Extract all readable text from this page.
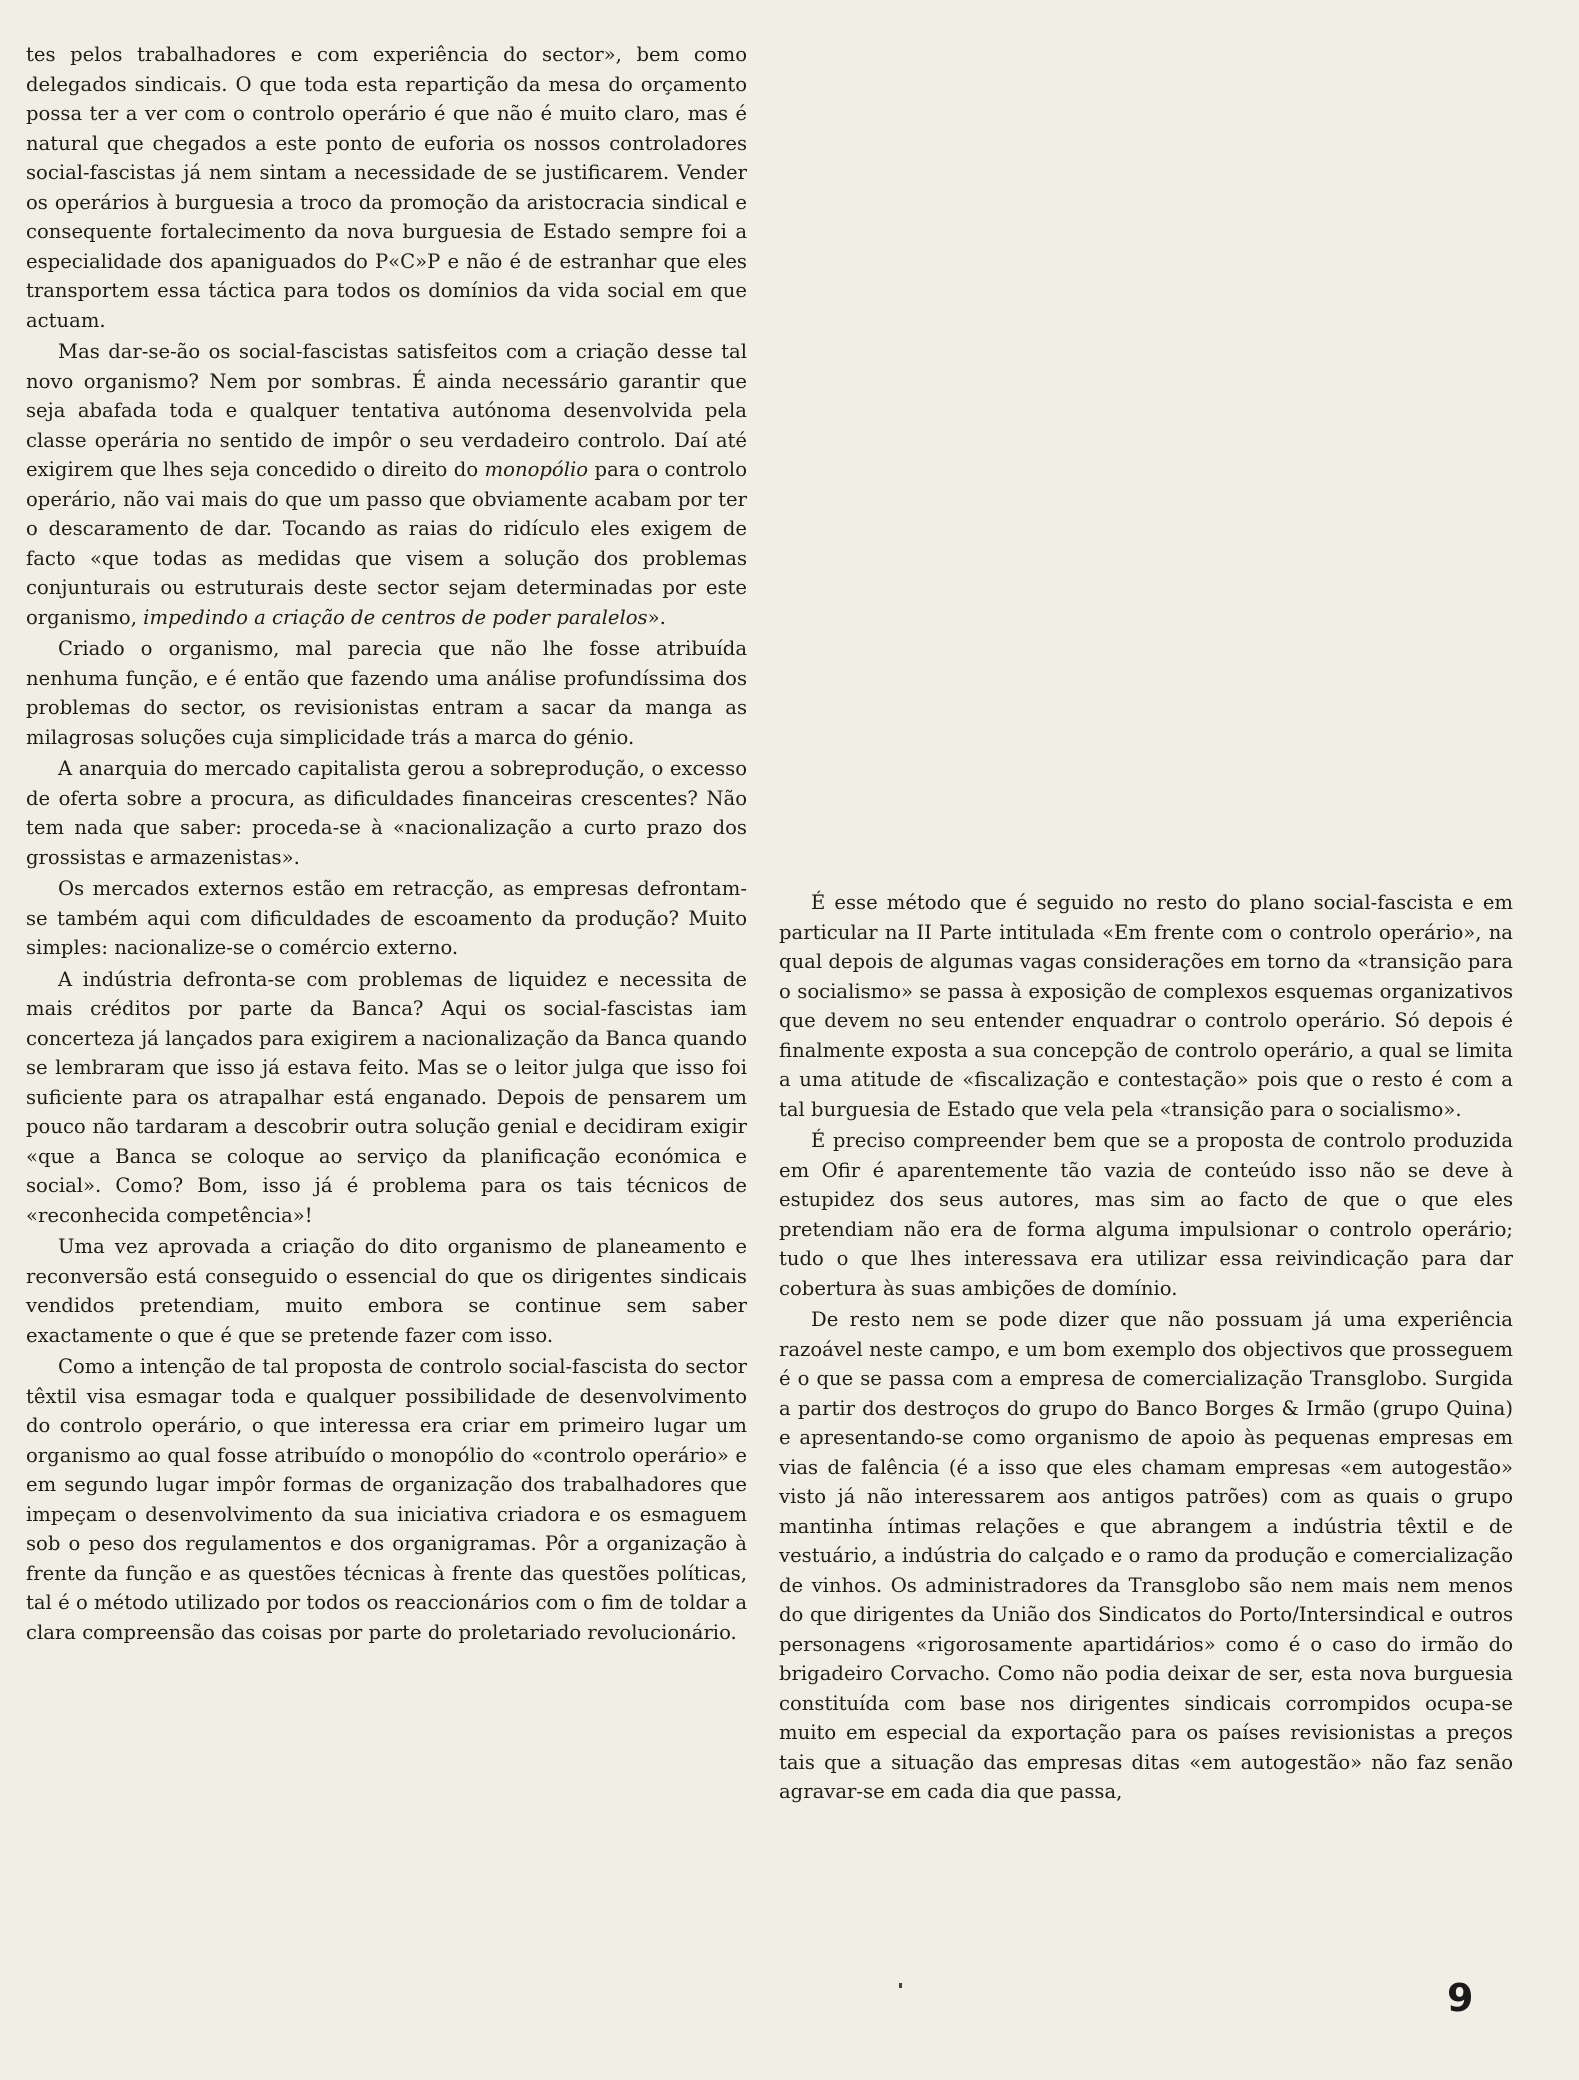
tes pelos trabalhadores e com experiência do sector», bem como delegados sindicais. O que toda esta repartição da mesa do orçamento possa ter a ver com o controlo operário é que não é muito claro, mas é natural que chegados a este ponto de euforia os nossos controladores social-fascistas já nem sintam a necessidade de se justificarem. Vender os operários à burguesia a troco da promoção da aristocracia sindical e consequente fortalecimento da nova burguesia de Estado sempre foi a especialidade dos apaniguados do P«C»P e não é de estranhar que eles transportem essa táctica para todos os domínios da vida social em que actuam.

Mas dar-se-ão os social-fascistas satisfeitos com a criação desse tal novo organismo? Nem por sombras. É ainda necessário garantir que seja abafada toda e qualquer tentativa autónoma desenvolvida pela classe operária no sentido de impôr o seu verdadeiro controlo. Daí até exigirem que lhes seja concedido o direito do monopólio para o controlo operário, não vai mais do que um passo que obviamente acabam por ter o descaramento de dar. Tocando as raias do ridículo eles exigem de facto «que todas as medidas que visem a solução dos problemas conjunturais ou estruturais deste sector sejam determinadas por este organismo, impedindo a criação de centros de poder paralelos».

Criado o organismo, mal parecia que não lhe fosse atribuída nenhuma função, e é então que fazendo uma análise profundíssima dos problemas do sector, os revisionistas entram a sacar da manga as milagrosas soluções cuja simplicidade trás a marca do génio.

A anarquia do mercado capitalista gerou a sobreprodução, o excesso de oferta sobre a procura, as dificuldades financeiras crescentes? Não tem nada que saber: proceda-se à «nacionalização a curto prazo dos grossistas e armazenistas».

Os mercados externos estão em retracção, as empresas defrontam-se também aqui com dificuldades de escoamento da produção? Muito simples: nacionalize-se o comércio externo.

A indústria defronta-se com problemas de liquidez e necessita de mais créditos por parte da Banca? Aqui os social-fascistas iam concerteza já lançados para exigirem a nacionalização da Banca quando se lembraram que isso já estava feito. Mas se o leitor julga que isso foi suficiente para os atrapalhar está enganado. Depois de pensarem um pouco não tardaram a descobrir outra solução genial e decidiram exigir «que a Banca se coloque ao serviço da planificação económica e social». Como? Bom, isso já é problema para os tais técnicos de «reconhecida competência»!

Uma vez aprovada a criação do dito organismo de planeamento e reconversão está conseguido o essencial do que os dirigentes sindicais vendidos pretendiam, muito embora se continue sem saber exactamente o que é que se pretende fazer com isso.

Como a intenção de tal proposta de controlo social-fascista do sector têxtil visa esmagar toda e qualquer possibilidade de desenvolvimento do controlo operário, o que interessa era criar em primeiro lugar um organismo ao qual fosse atribuído o monopólio do «controlo operário» e em segundo lugar impôr formas de organização dos trabalhadores que impeçam o desenvolvimento da sua iniciativa criadora e os esmaguem sob o peso dos regulamentos e dos organigramas. Pôr a organização à frente da função e as questões técnicas à frente das questões políticas, tal é o método utilizado por todos os reaccionários com o fim de toldar a clara compreensão das coisas por parte do proletariado revolucionário.

É esse método que é seguido no resto do plano social-fascista e em particular na II Parte intitulada «Em frente com o controlo operário», na qual depois de algumas vagas considerações em torno da «transição para o socialismo» se passa à exposição de complexos esquemas organizativos que devem no seu entender enquadrar o controlo operário. Só depois é finalmente exposta a sua concepção de controlo operário, a qual se limita a uma atitude de «fiscalização e contestação» pois que o resto é com a tal burguesia de Estado que vela pela «transição para o socialismo».

É preciso compreender bem que se a proposta de controlo produzida em Ofir é aparentemente tão vazia de conteúdo isso não se deve à estupidez dos seus autores, mas sim ao facto de que o que eles pretendiam não era de forma alguma impulsionar o controlo operário; tudo o que lhes interessava era utilizar essa reivindicação para dar cobertura às suas ambições de domínio.

De resto nem se pode dizer que não possuam já uma experiência razoável neste campo, e um bom exemplo dos objectivos que prosseguem é o que se passa com a empresa de comercialização Transglobo. Surgida a partir dos destroços do grupo do Banco Borges & Irmão (grupo Quina) e apresentando-se como organismo de apoio às pequenas empresas em vias de falência (é a isso que eles chamam empresas «em autogestão» visto já não interessarem aos antigos patrões) com as quais o grupo mantinha íntimas relações e que abrangem a indústria têxtil e de vestuário, a indústria do calçado e o ramo da produção e comercialização de vinhos. Os administradores da Transglobo são nem mais nem menos do que dirigentes da União dos Sindicatos do Porto/Intersindical e outros personagens «rigorosamente apartidários» como é o caso do irmão do brigadeiro Corvacho. Como não podia deixar de ser, esta nova burguesia constituída com base nos dirigentes sindicais corrompidos ocupa-se muito em especial da exportação para os países revisionistas a preços tais que a situação das empresas ditas «em autogestão» não faz senão agravar-se em cada dia que passa,

9
